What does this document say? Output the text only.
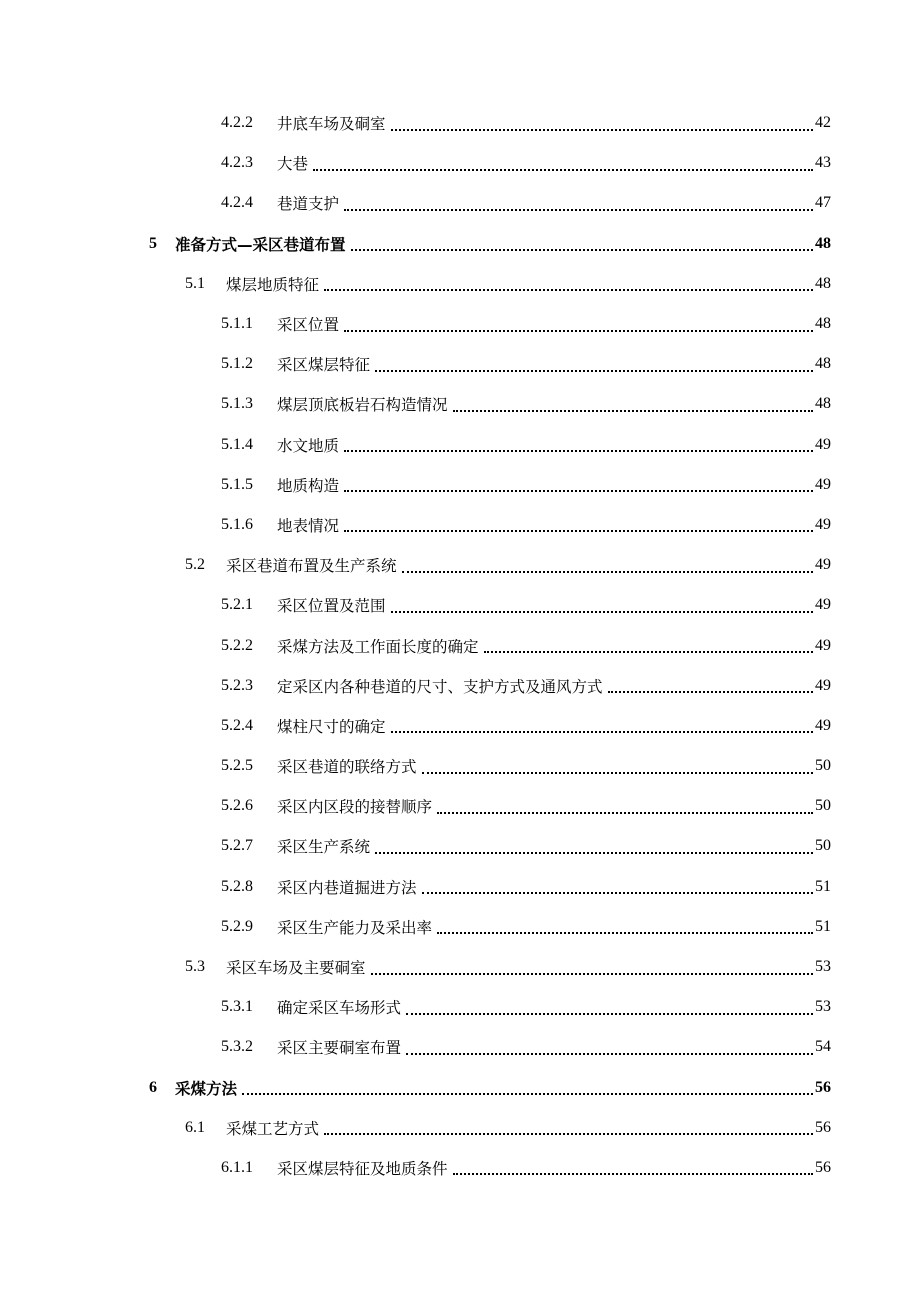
4.2.2	井底车场及硐室	42
4.2.3	大巷	43
4.2.4	巷道支护	47
5	准备方式—采区巷道布置	48
5.1	煤层地质特征	48
5.1.1	采区位置	48
5.1.2	采区煤层特征	48
5.1.3	煤层顶底板岩石构造情况	48
5.1.4	水文地质	49
5.1.5	地质构造	49
5.1.6	地表情况	49
5.2	采区巷道布置及生产系统	49
5.2.1	采区位置及范围	49
5.2.2	采煤方法及工作面长度的确定	49
5.2.3	定采区内各种巷道的尺寸、支护方式及通风方式	49
5.2.4	煤柱尺寸的确定	49
5.2.5	采区巷道的联络方式	50
5.2.6	采区内区段的接替顺序	50
5.2.7	采区生产系统	50
5.2.8	采区内巷道掘进方法	51
5.2.9	采区生产能力及采出率	51
5.3	采区车场及主要硐室	53
5.3.1	确定采区车场形式	53
5.3.2	采区主要硐室布置	54
6	采煤方法	56
6.1	采煤工艺方式	56
6.1.1	采区煤层特征及地质条件	56
